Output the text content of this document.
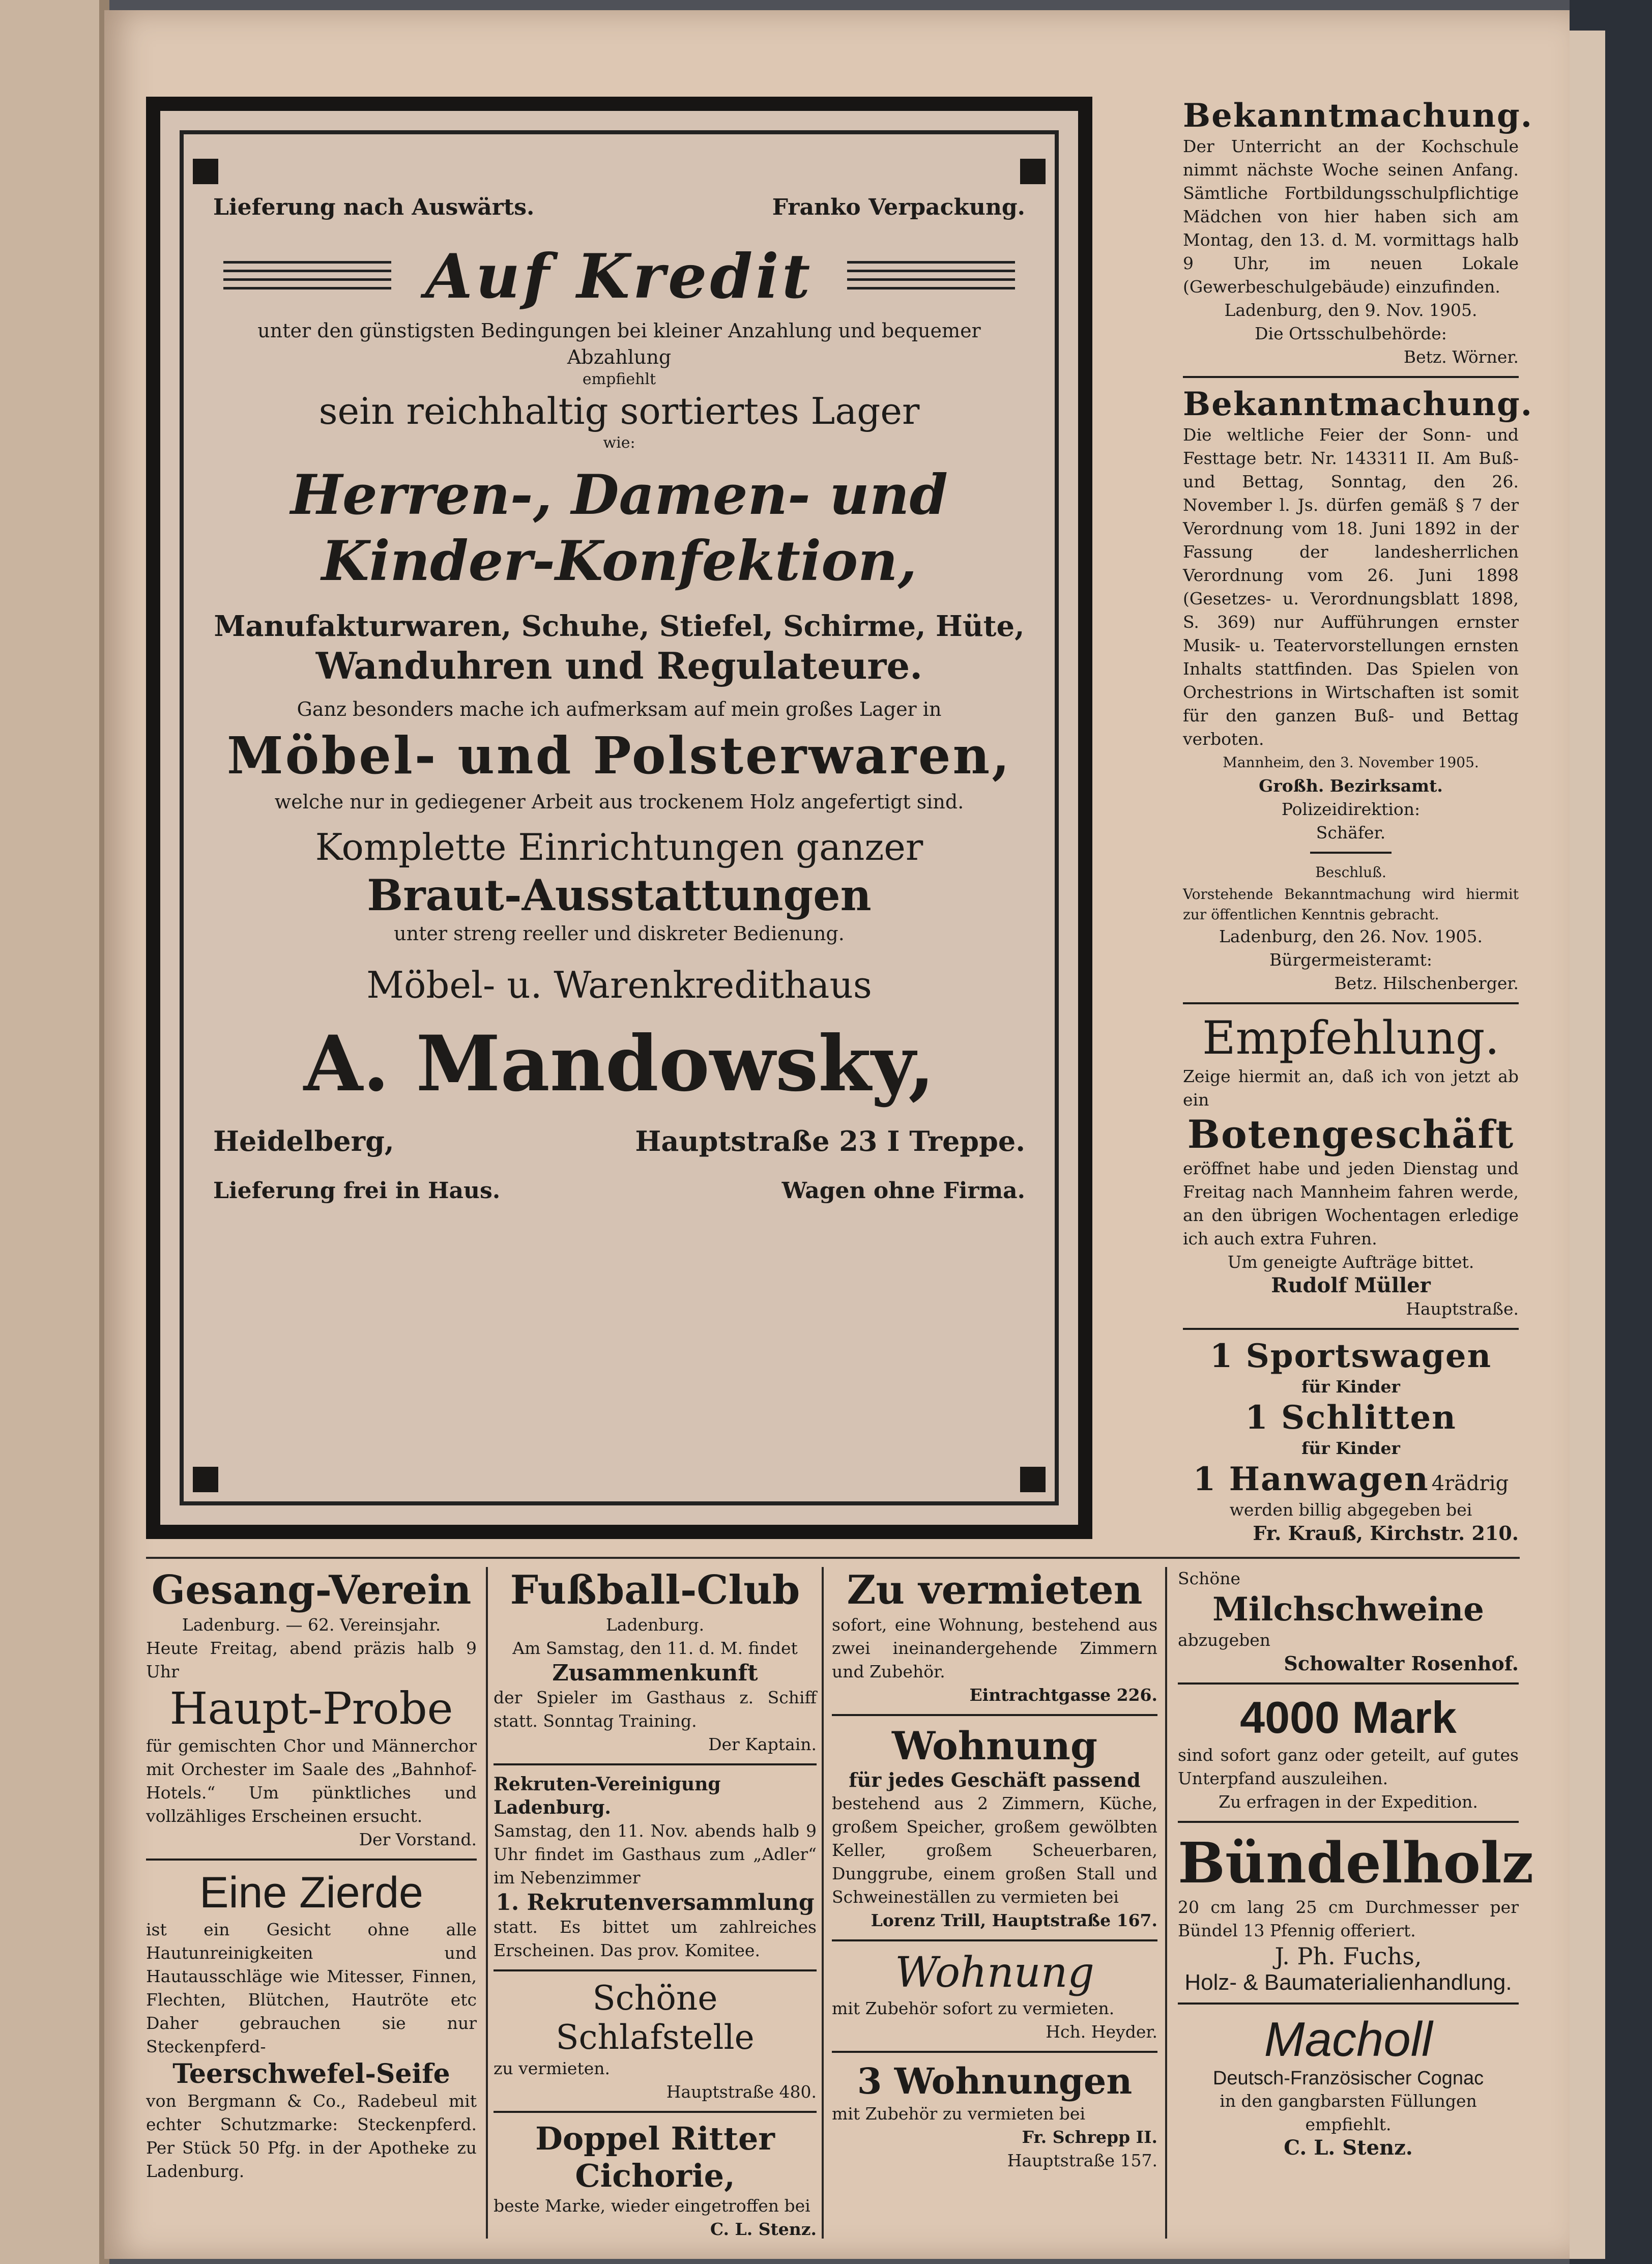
Lieferung nach Auswärts.	Franko Verpackung.
Auf Kredit
unter den günstigsten Bedingungen bei kleiner Anzahlung und bequemer Abzahlung
empfiehlt
sein reichhaltig sortiertes Lager
wie:
Herren-, Damen- und Kinder-Konfektion,
Manufakturwaren, Schuhe, Stiefel, Schirme, Hüte,
Wanduhren und Regulateure.
Ganz besonders mache ich aufmerksam auf mein großes Lager in
Möbel- und Polsterwaren,
welche nur in gediegener Arbeit aus trockenem Holz angefertigt sind.
Komplette Einrichtungen ganzer
Braut-Ausstattungen
unter streng reeller und diskreter Bedienung.
Möbel- u. Warenkredithaus
A. Mandowsky,
Heidelberg,	Hauptstraße 23 I Treppe.
Lieferung frei in Haus.	Wagen ohne Firma.
Bekanntmachung.
Der Unterricht an der Kochschule nimmt nächste Woche seinen Anfang. Sämtliche Fortbildungsschulpflichtige Mädchen von hier haben sich am Montag, den 13. d. M. vormittags halb 9 Uhr, im neuen Lokale (Gewerbeschulgebäude) einzufinden.
Ladenburg, den 9. Nov. 1905.
Die Ortsschulbehörde:
Betz. Wörner.
Bekanntmachung.
Die weltliche Feier der Sonn- und Festtage betr. Nr. 143311 II. Am Buß- und Bettag, Sonntag, den 26. November l. Js. dürfen gemäß § 7 der Verordnung vom 18. Juni 1892 in der Fassung der landesherrlichen Verordnung vom 26. Juni 1898 (Gesetzes- u. Verordnungsblatt 1898, S. 369) nur Aufführungen ernster Musik- u. Teatervorstellungen ernsten Inhalts stattfinden. Das Spielen von Orchestrions in Wirtschaften ist somit für den ganzen Buß- und Bettag verboten.
Mannheim, den 3. November 1905.
Großh. Bezirksamt.
Polizeidirektion:
Schäfer.
Beschluß.
Vorstehende Bekanntmachung wird hiermit zur öffentlichen Kenntnis gebracht.
Ladenburg, den 26. Nov. 1905.
Bürgermeisteramt:
Betz. Hilschenberger.
Empfehlung.
Zeige hiermit an, daß ich von jetzt ab ein
Botengeschäft
eröffnet habe und jeden Dienstag und Freitag nach Mannheim fahren werde, an den übrigen Wochentagen erledige ich auch extra Fuhren.
Um geneigte Aufträge bittet.
Rudolf Müller
Hauptstraße.
1 Sportswagen
für Kinder
1 Schlitten
für Kinder
1 Hanwagen 4rädrig
werden billig abgegeben bei
Fr. Krauß, Kirchstr. 210.
Gesang-Verein
Ladenburg. — 62. Vereinsjahr.
Heute Freitag, abend präzis halb 9 Uhr
Haupt-Probe
für gemischten Chor und Männerchor mit Orchester im Saale des „Bahnhof-Hotels.“ Um pünktliches und vollzähliges Erscheinen ersucht.
Der Vorstand.
Eine Zierde
ist ein Gesicht ohne alle Hautunreinigkeiten und Hautausschläge wie Mitesser, Finnen, Flechten, Blütchen, Hautröte etc Daher gebrauchen sie nur Steckenpferd-
Teerschwefel-Seife
von Bergmann & Co., Radebeul mit echter Schutzmarke: Steckenpferd. Per Stück 50 Pfg. in der Apotheke zu Ladenburg.
Fußball-Club
Ladenburg.
Am Samstag, den 11. d. M. findet
Zusammenkunft
der Spieler im Gasthaus z. Schiff statt. Sonntag Training.
Der Kaptain.
Rekruten-Vereinigung Ladenburg.
Samstag, den 11. Nov. abends halb 9 Uhr findet im Gasthaus zum „Adler“ im Nebenzimmer
1. Rekrutenversammlung
statt. Es bittet um zahlreiches Erscheinen. Das prov. Komitee.
Schöne Schlafstelle
zu vermieten.
Hauptstraße 480.
Doppel Ritter
Cichorie,
beste Marke, wieder eingetroffen bei
C. L. Stenz.
Zu vermieten
sofort, eine Wohnung, bestehend aus zwei ineinandergehende Zimmern und Zubehör.
Eintrachtgasse 226.
Wohnung
für jedes Geschäft passend
bestehend aus 2 Zimmern, Küche, großem Speicher, großem gewölbten Keller, großem Scheuerbaren, Dunggrube, einem großen Stall und Schweineställen zu vermieten bei
Lorenz Trill, Hauptstraße 167.
Wohnung
mit Zubehör sofort zu vermieten.
Hch. Heyder.
3 Wohnungen
mit Zubehör zu vermieten bei
Fr. Schrepp II.
Hauptstraße 157.
Schöne
Milchschweine
abzugeben
Schowalter Rosenhof.
4000 Mark
sind sofort ganz oder geteilt, auf gutes Unterpfand auszuleihen.
Zu erfragen in der Expedition.
Bündelholz
20 cm lang 25 cm Durchmesser per Bündel 13 Pfennig offeriert.
J. Ph. Fuchs,
Holz- & Baumaterialienhandlung.
Macholl
Deutsch-Französischer Cognac
in den gangbarsten Füllungen empfiehlt.
C. L. Stenz.
